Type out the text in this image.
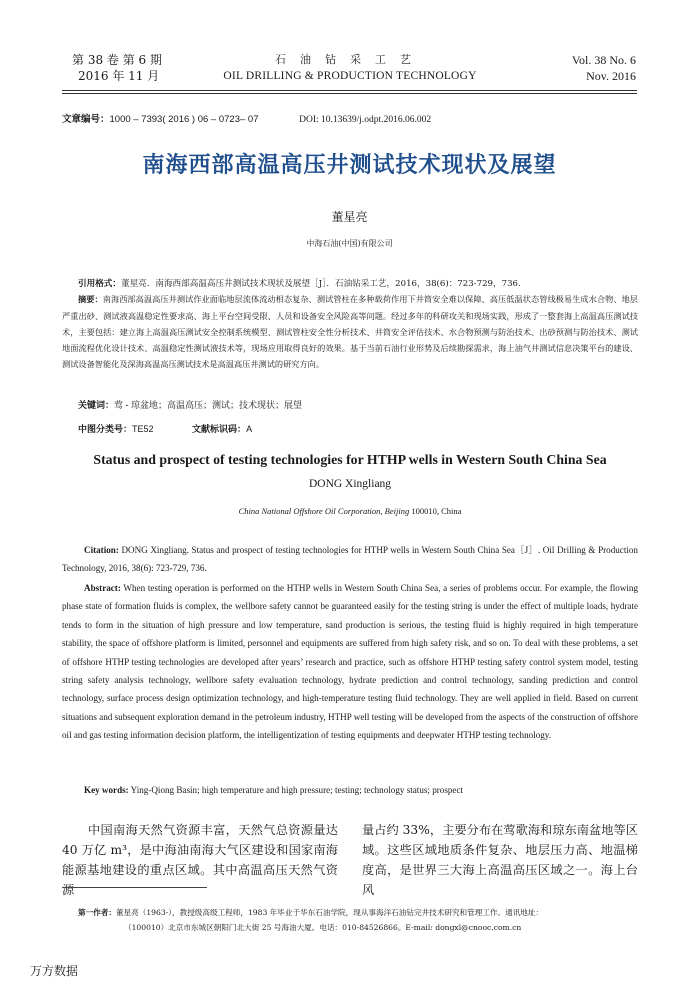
第 38 卷 第 6 期
2016 年 11 月
石油钻采工艺
OIL DRILLING & PRODUCTION TECHNOLOGY
Vol. 38 No. 6
Nov. 2016
文章编号：1000 – 7393( 2016 ) 06 – 0723– 07	DOI: 10.13639/j.odpt.2016.06.002
南海西部高温高压井测试技术现状及展望
董星亮
中海石油(中国)有限公司
引用格式：董星亮．南海西部高温高压井测试技术现状及展望［J］．石油钻采工艺，2016，38(6)：723-729，736.
摘要：南海西部高温高压井测试作业面临地层流体流动相态复杂、测试管柱在多种载荷作用下井筒安全难以保障、高压低温状态管线极易生成水合物、地层严重出砂、测试液高温稳定性要求高、海上平台空间受限、人员和设备安全风险高等问题。经过多年的科研攻关和现场实践，形成了一整套海上高温高压测试技术，主要包括：建立海上高温高压测试安全控制系统模型、测试管柱安全性分析技术、井筒安全评估技术、水合物预测与防治技术、出砂预测与防治技术、测试地面流程优化设计技术、高温稳定性测试液技术等，现场应用取得良好的效果。基于当前石油行业形势及后续勘探需求，海上油气井测试信息决策平台的建设、测试设备智能化及深海高温高压测试技术是高温高压井测试的研究方向。
关键词：莺 - 琼盆地；高温高压；测试；技术现状；展望
中图分类号：TE52	文献标识码：A
Status and prospect of testing technologies for HTHP wells in Western South China Sea
DONG Xingliang
China National Offshore Oil Corporation, Beijing 100010, China
Citation: DONG Xingliang. Status and prospect of testing technologies for HTHP wells in Western South China Sea［J］. Oil Drilling & Production Technology, 2016, 38(6): 723-729, 736.
Abstract: When testing operation is performed on the HTHP wells in Western South China Sea, a series of problems occur. For example, the flowing phase state of formation fluids is complex, the wellbore safety cannot be guaranteed easily for the testing string is under the effect of multiple loads, hydrate tends to form in the situation of high pressure and low temperature, sand production is serious, the testing fluid is highly required in high temperature stability, the space of offshore platform is limited, personnel and equipments are suffered from high safety risk, and so on. To deal with these problems, a set of offshore HTHP testing technologies are developed after years’ research and practice, such as offshore HTHP testing safety control system model, testing string safety analysis technology, wellbore safety evaluation technology, hydrate prediction and control technology, sanding prediction and control technology, surface process design optimization technology, and high-temperature testing fluid technology. They are well applied in field. Based on current situations and subsequent exploration demand in the petroleum industry, HTHP well testing will be developed from the aspects of the construction of offshore oil and gas testing information decision platform, the intelligentization of testing equipments and deepwater HTHP testing technology.
Key words: Ying-Qiong Basin; high temperature and high pressure; testing; technology status; prospect
中国南海天然气资源丰富，天然气总资源量达 40 万亿 m³，是中海油南海大气区建设和国家南海能源基地建设的重点区域。其中高温高压天然气资源
量占约 33%，主要分布在莺歌海和琼东南盆地等区域。这些区域地质条件复杂、地层压力高、地温梯度高，是世界三大海上高温高压区域之一。海上台风
第一作者：董星亮（1963-），教授级高级工程师，1983 年毕业于华东石油学院，现从事海洋石油钻完井技术研究和管理工作。通讯地址：
（100010）北京市东城区朝阳门北大街 25 号海油大厦。电话：010-84526866。E-mail: dongxl@cnooc.com.cn
万方数据
